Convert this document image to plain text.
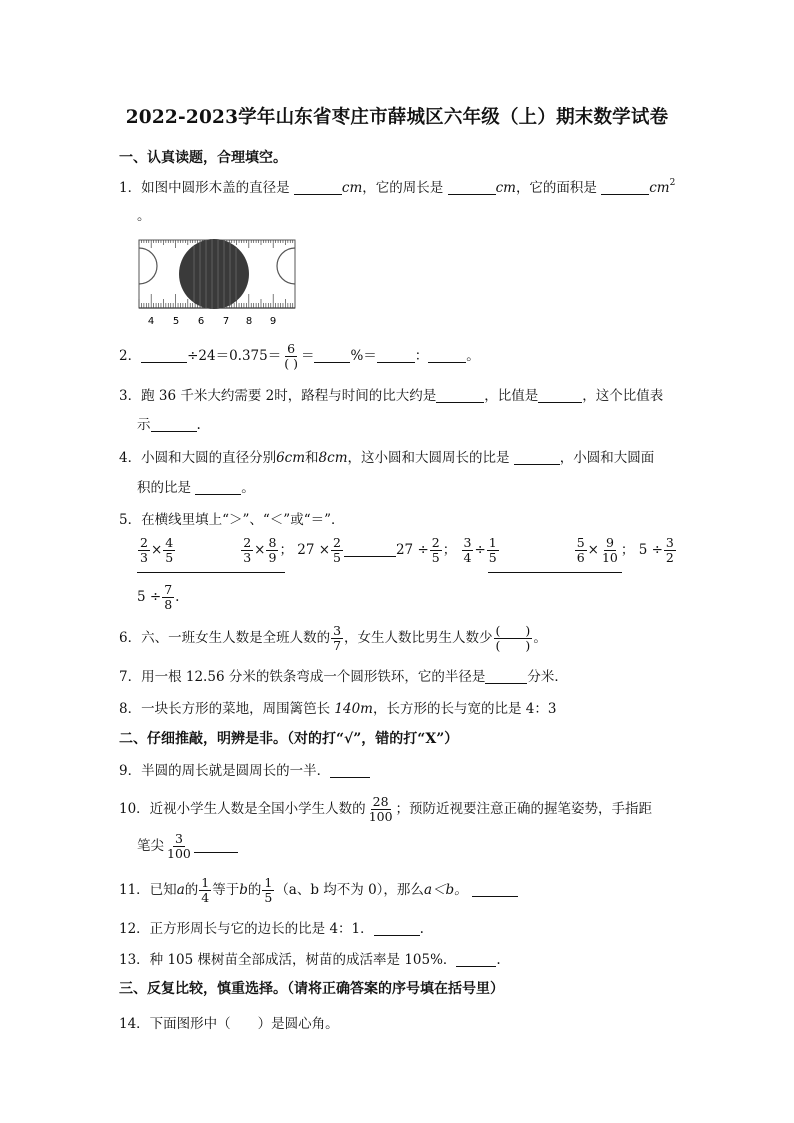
2022-2023学年山东省枣庄市薛城区六年级（上）期末数学试卷
一、认真读题，合理填空。
1．如图中圆形木盖的直径是	cm，它的周长是	cm，它的面积是	$cm^2$
。
4 5 6 7 8 9
2．	$\div 24=0.375= \frac{6}{( )}$ ＝	%＝	：	。
3．跑 36 千米大约需要 2时，路程与时间的比大约是	，比值是	，这个比值表
示	.
4．小圆和大圆的直径分别6cm和8cm，这小圆和大圆周长的比是	，小圆和大圆面
积的比是	。
5．在横线里填上“＞”、“＜”或“＝”．
$\frac{2}{3} \times \frac{4}{5}$	$\frac{2}{3} \times \frac{8}{9}$ ； $27 \times \frac{2}{5}$	$27 \div \frac{2}{5}$ ； $\frac{3}{4} \div \frac{1}{5}$	$\frac{5}{6} \times \frac{9}{10}$ ； $5 \div \frac{3}{2}$
$5 \div \frac{7}{8}$ .
6．六、一班女生人数是全班人数的 $\frac{3}{7}$ ，女生人数比男生人数少 $\frac{( )}{( )}$ 。
7．用一根 12.56 分米的铁条弯成一个圆形铁环，它的半径是	分米．
8．一块长方形的菜地，周围篱笆长 140m，长方形的长与宽的比是 4：3
二、仔细推敲，明辨是非。（对的打“√”，错的打“X”）
9．半圆的周长就是圆周长的一半．
10．近视小学生人数是全国小学生人数的 $\frac{28}{100}$ ；预防近视要注意正确的握笔姿势，手指距
笔尖 $\frac{3}{100}$
11．已知a的 $\frac{1}{4}$ 等于b的 $\frac{1}{5} (a$、b 均不为 0），那么a＜b。
12．正方形周长与它的边长的比是 4：1．	.
13．种 105 棵树苗全部成活，树苗的成活率是 105%．	.
三、反复比较，慎重选择。（请将正确答案的序号填在括号里）
14．下面图形中（　　）是圆心角。
